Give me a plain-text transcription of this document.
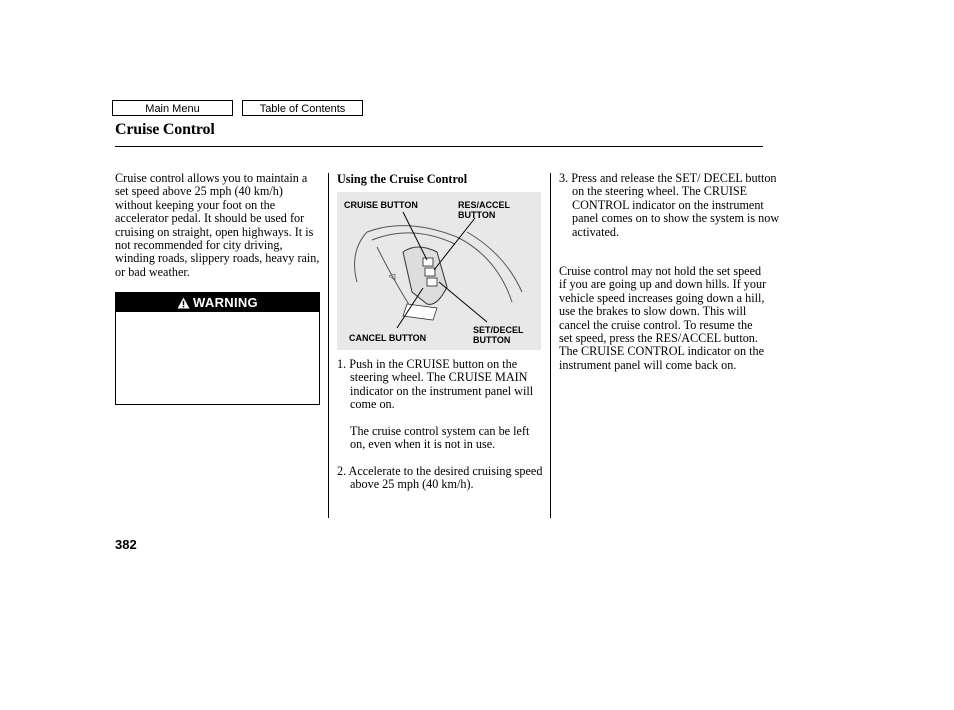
Main Menu	Table of Contents
Cruise Control

Cruise control allows you to maintain a set speed above 25 mph (40 km/h) without keeping your foot on the accelerator pedal. It should be used for cruising on straight, open highways. It is not recommended for city driving, winding roads, slippery roads, heavy rain, or bad weather.

WARNING
Using the Cruise Control
CRUISE BUTTON	RES/ACCEL
BUTTON
CANCEL BUTTON
SET/DECEL
BUTTON

1. Push in the CRUISE button on the steering wheel. The CRUISE MAIN indicator on the instrument panel will come on.

The cruise control system can be left on, even when it is not in use.

2. Accelerate to the desired cruising speed above 25 mph (40 km/h).

3. Press and release the SET/ DECEL button on the steering wheel. The CRUISE CONTROL indicator on the instrument panel comes on to show the system is now activated.

Cruise control may not hold the set speed if you are going up and down hills. If your vehicle speed increases going down a hill, use the brakes to slow down. This will cancel the cruise control. To resume the set speed, press the RES/ACCEL button. The CRUISE CONTROL indicator on the instrument panel will come back on.

382
